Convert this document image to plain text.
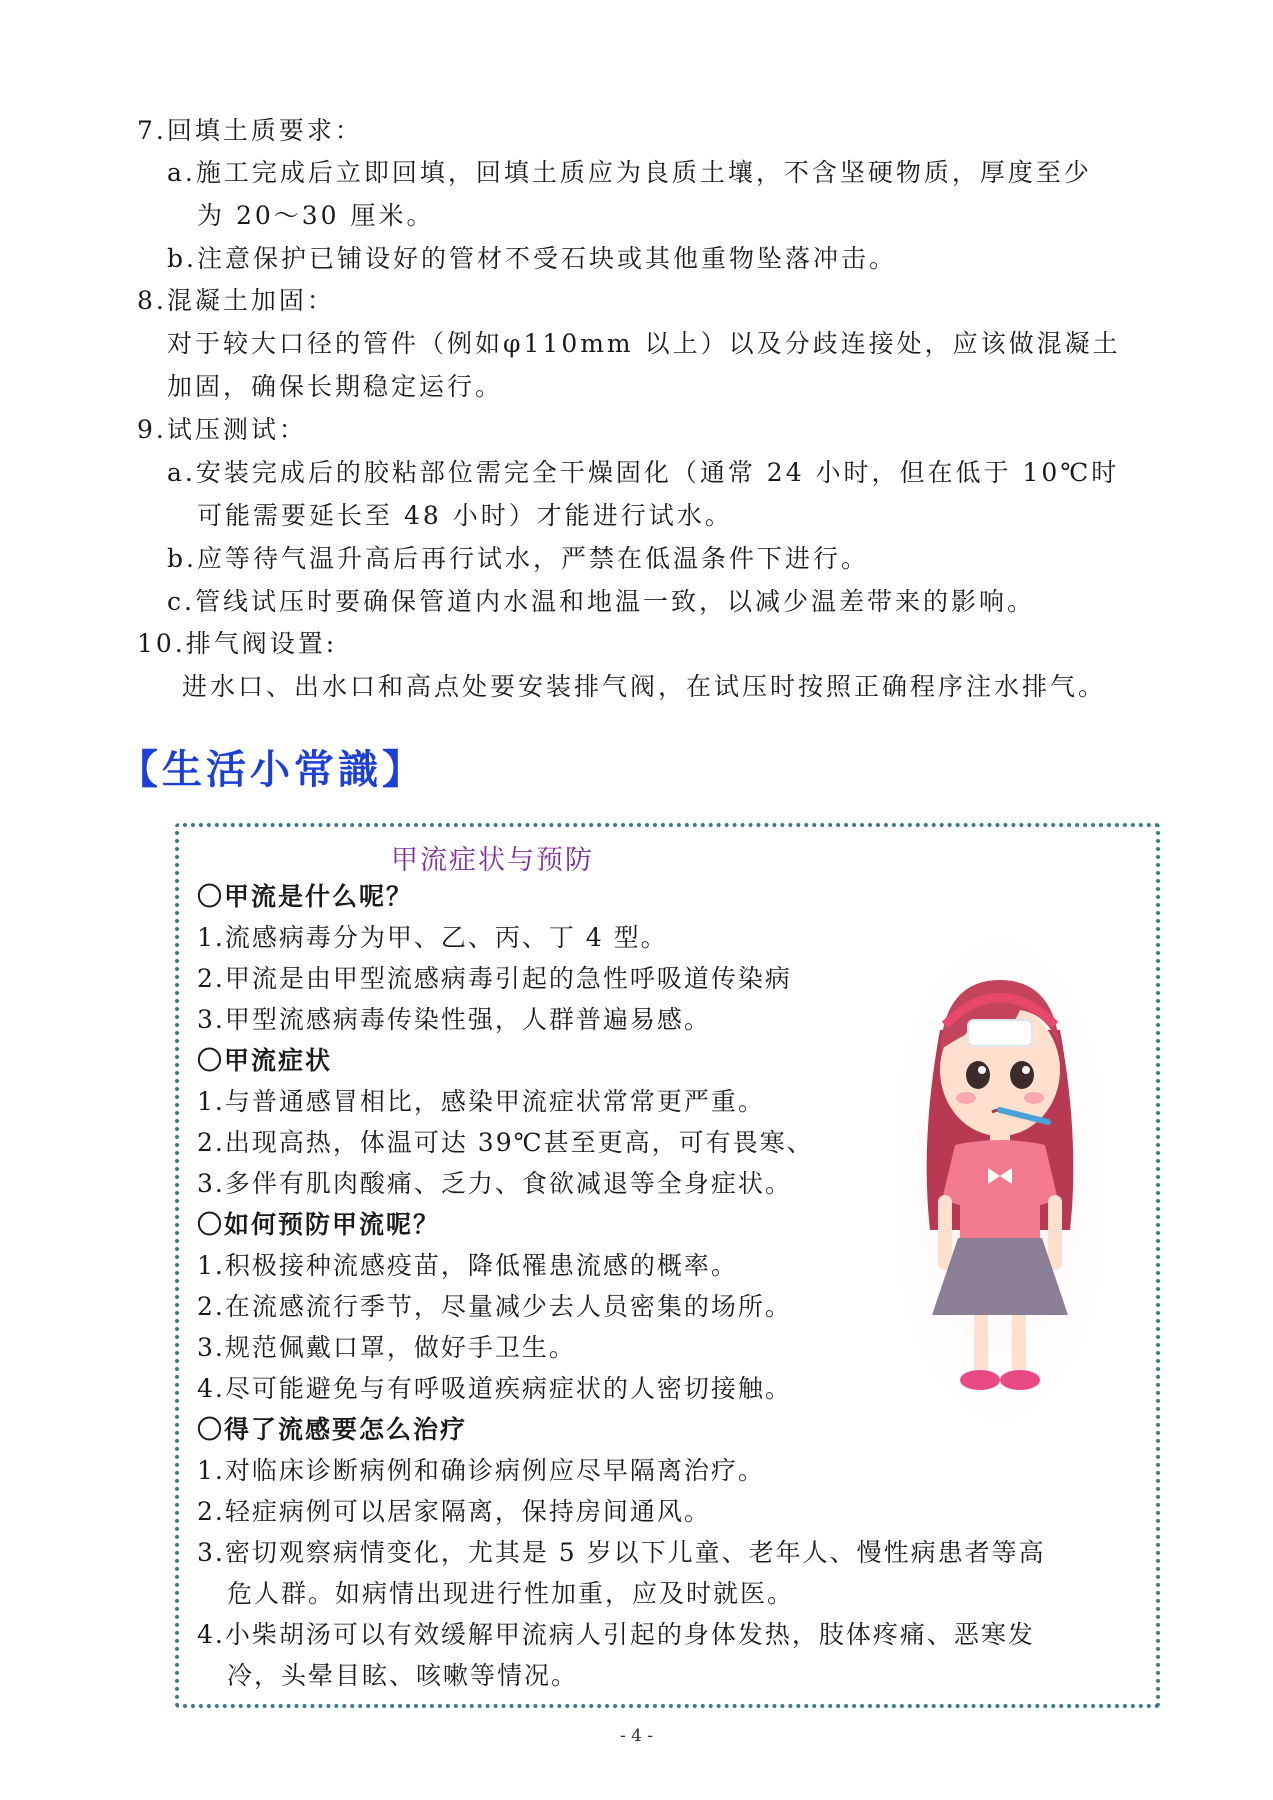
7.回填土质要求：
a.施工完成后立即回填，回填土质应为良质土壤，不含坚硬物质，厚度至少
为 20～30 厘米。
b.注意保护已铺设好的管材不受石块或其他重物坠落冲击。
8.混凝土加固：
对于较大口径的管件（例如φ110mm 以上）以及分歧连接处，应该做混凝土
加固，确保长期稳定运行。
9.试压测试：
a.安装完成后的胶粘部位需完全干燥固化（通常 24 小时，但在低于 10℃时
可能需要延长至 48 小时）才能进行试水。
b.应等待气温升高后再行试水，严禁在低温条件下进行。
c.管线试压时要确保管道内水温和地温一致，以减少温差带来的影响。
10.排气阀设置:
进水口、出水口和高点处要安装排气阀，在试压时按照正确程序注水排气。
【生活小常識】
甲流症状与预防
〇甲流是什么呢？
1.流感病毒分为甲、乙、丙、丁 4 型。
2.甲流是由甲型流感病毒引起的急性呼吸道传染病
3.甲型流感病毒传染性强，人群普遍易感。
〇甲流症状
1.与普通感冒相比，感染甲流症状常常更严重。
2.出现高热，体温可达 39℃甚至更高，可有畏寒、
3.多伴有肌肉酸痛、乏力、食欲减退等全身症状。
〇如何预防甲流呢？
1.积极接种流感疫苗，降低罹患流感的概率。
2.在流感流行季节，尽量减少去人员密集的场所。
3.规范佩戴口罩，做好手卫生。
4.尽可能避免与有呼吸道疾病症状的人密切接触。
〇得了流感要怎么治疗
1.对临床诊断病例和确诊病例应尽早隔离治疗。
2.轻症病例可以居家隔离，保持房间通风。
3.密切观察病情变化，尤其是 5 岁以下儿童、老年人、慢性病患者等高
危人群。如病情出现进行性加重，应及时就医。
4.小柴胡汤可以有效缓解甲流病人引起的身体发热，肢体疼痛、恶寒发
冷，头晕目眩、咳嗽等情况。
- 4 -
